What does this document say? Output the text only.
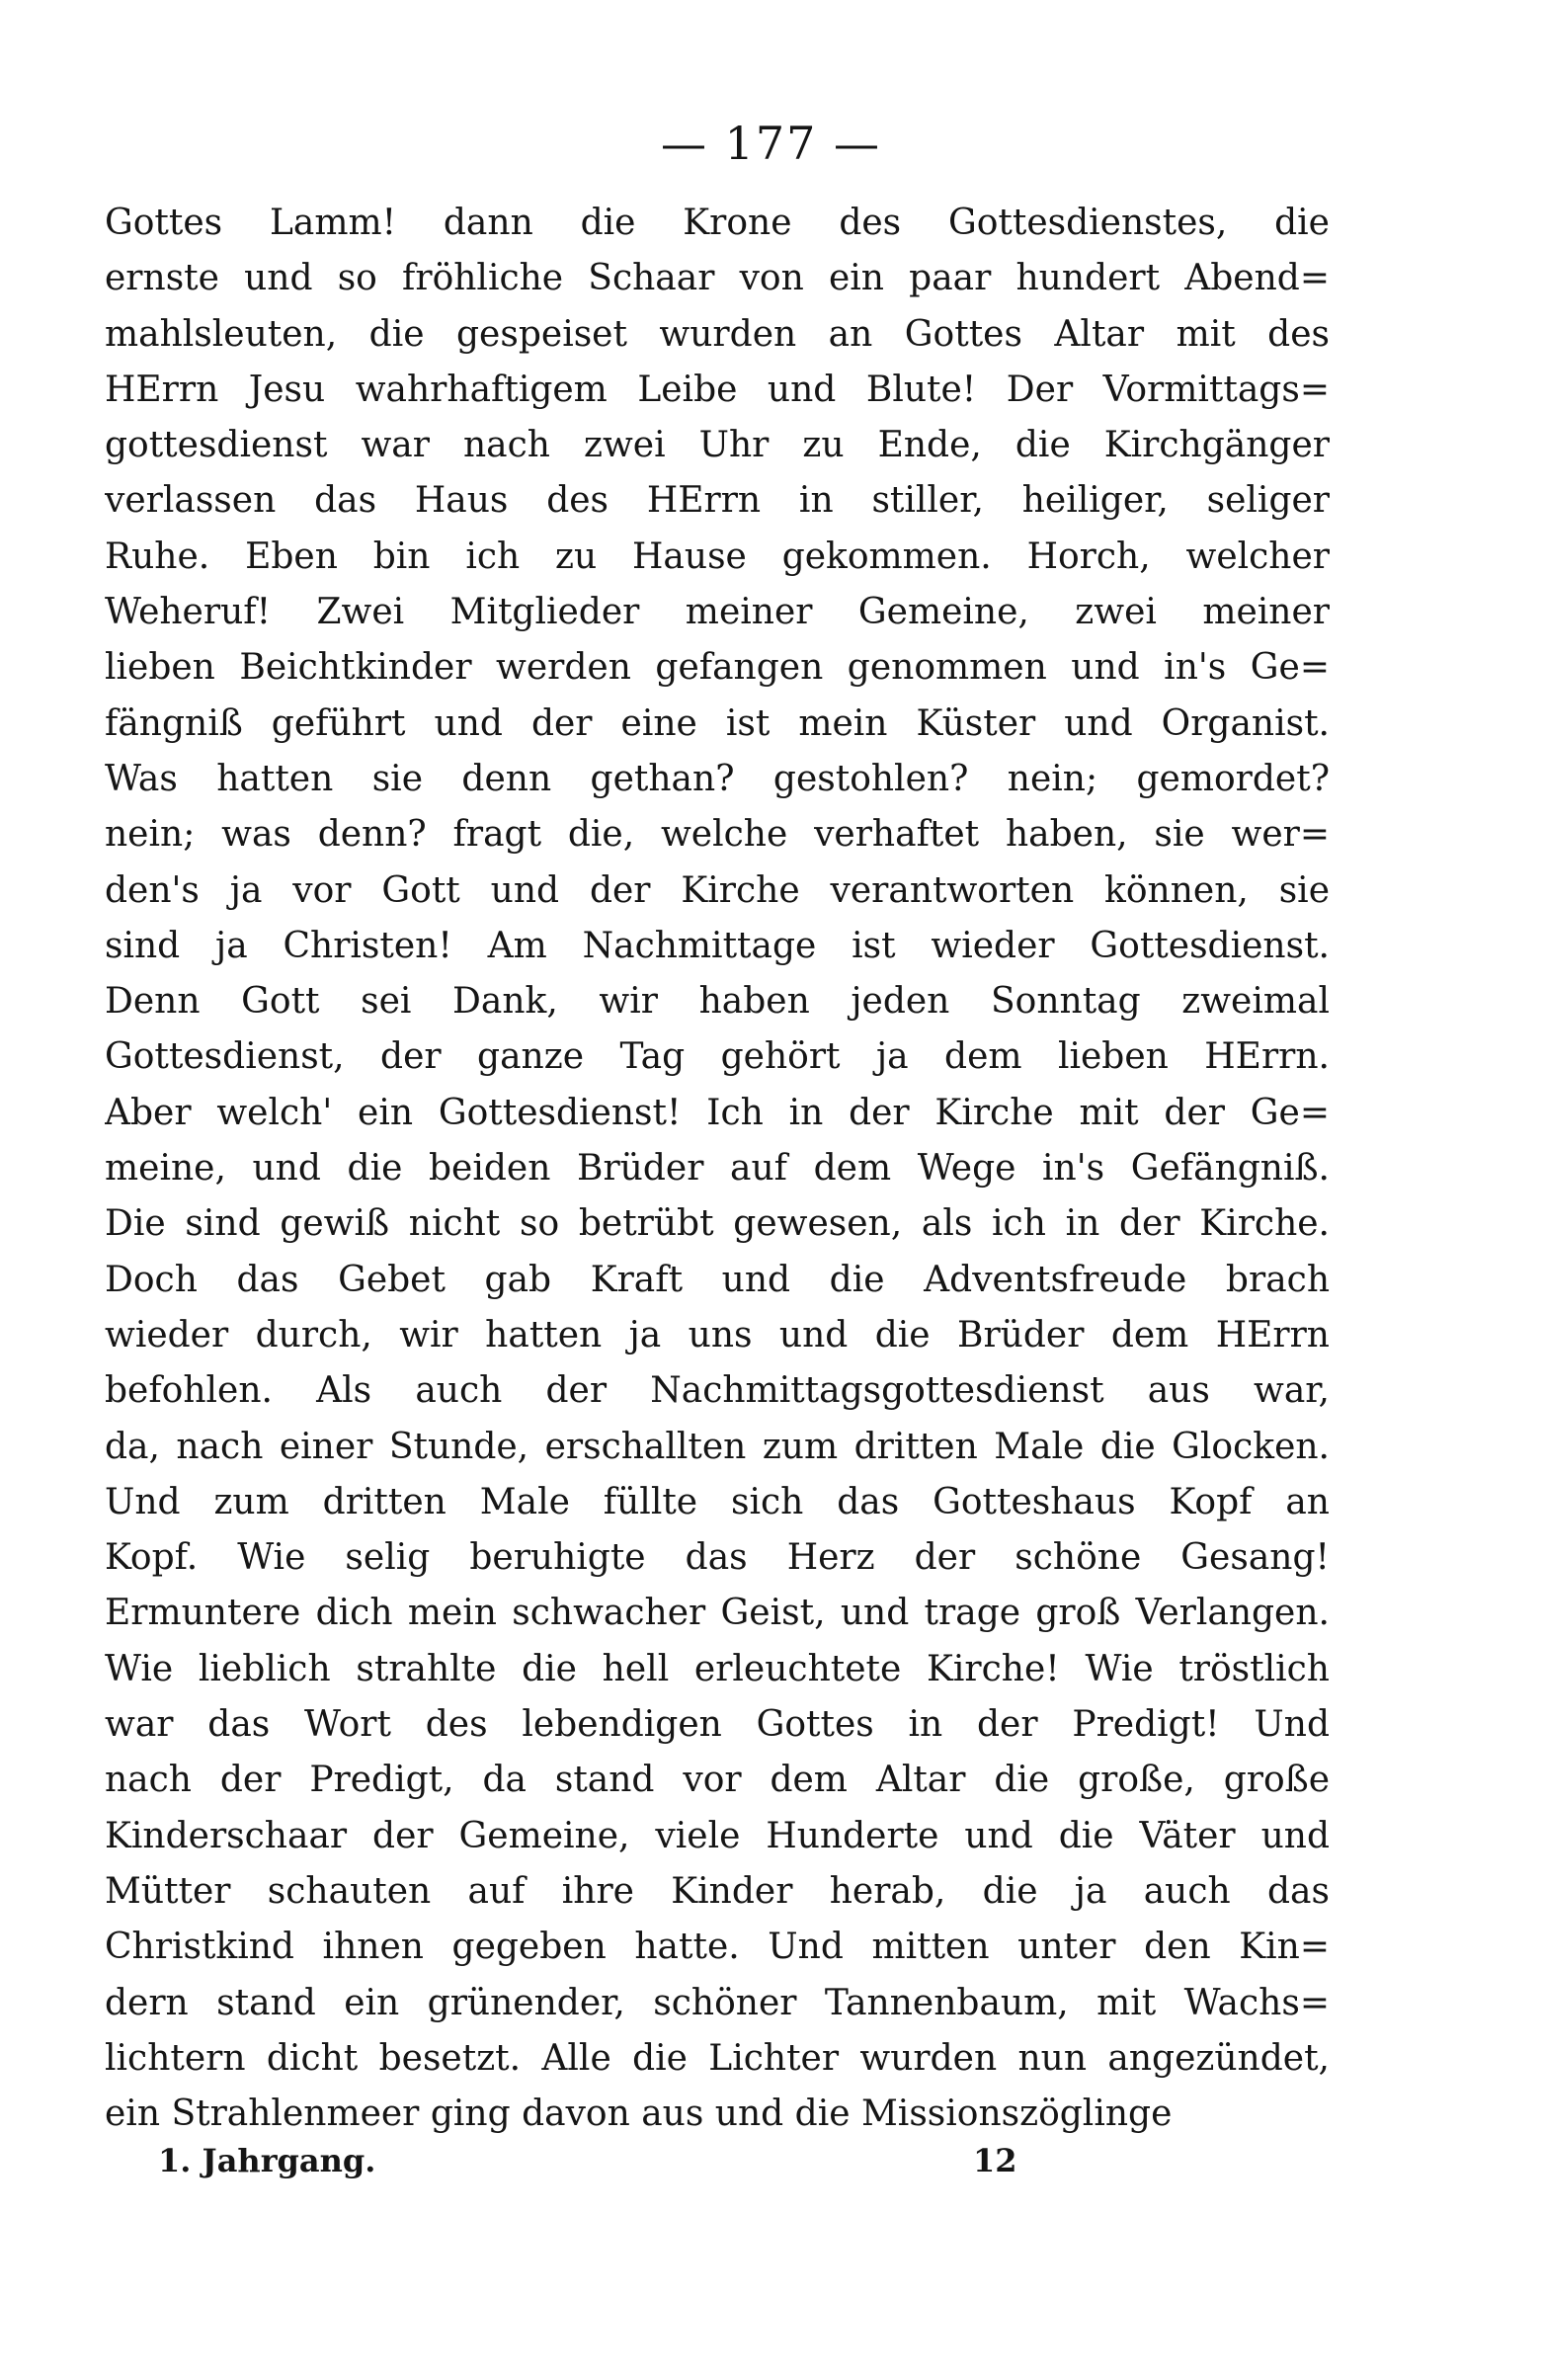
— 177 —
Gottes Lamm! dann die Krone des Gottesdienstes, die
ernste und so fröhliche Schaar von ein paar hundert Abend=
mahlsleuten, die gespeiset wurden an Gottes Altar mit des
HErrn Jesu wahrhaftigem Leibe und Blute! Der Vormittags=
gottesdienst war nach zwei Uhr zu Ende, die Kirchgänger
verlassen das Haus des HErrn in stiller, heiliger, seliger
Ruhe. Eben bin ich zu Hause gekommen. Horch, welcher
Weheruf! Zwei Mitglieder meiner Gemeine, zwei meiner
lieben Beichtkinder werden gefangen genommen und in's Ge=
fängniß geführt und der eine ist mein Küster und Organist.
Was hatten sie denn gethan? gestohlen? nein; gemordet?
nein; was denn? fragt die, welche verhaftet haben, sie wer=
den's ja vor Gott und der Kirche verantworten können, sie
sind ja Christen! Am Nachmittage ist wieder Gottesdienst.
Denn Gott sei Dank, wir haben jeden Sonntag zweimal
Gottesdienst, der ganze Tag gehört ja dem lieben HErrn.
Aber welch' ein Gottesdienst! Ich in der Kirche mit der Ge=
meine, und die beiden Brüder auf dem Wege in's Gefängniß.
Die sind gewiß nicht so betrübt gewesen, als ich in der Kirche.
Doch das Gebet gab Kraft und die Adventsfreude brach
wieder durch, wir hatten ja uns und die Brüder dem HErrn
befohlen. Als auch der Nachmittagsgottesdienst aus war,
da, nach einer Stunde, erschallten zum dritten Male die Glocken.
Und zum dritten Male füllte sich das Gotteshaus Kopf an
Kopf. Wie selig beruhigte das Herz der schöne Gesang!
Ermuntere dich mein schwacher Geist, und trage groß Verlangen.
Wie lieblich strahlte die hell erleuchtete Kirche! Wie tröstlich
war das Wort des lebendigen Gottes in der Predigt! Und
nach der Predigt, da stand vor dem Altar die große, große
Kinderschaar der Gemeine, viele Hunderte und die Väter und
Mütter schauten auf ihre Kinder herab, die ja auch das
Christkind ihnen gegeben hatte. Und mitten unter den Kin=
dern stand ein grünender, schöner Tannenbaum, mit Wachs=
lichtern dicht besetzt. Alle die Lichter wurden nun angezündet,
ein Strahlenmeer ging davon aus und die Missionszöglinge
1. Jahrgang.	12
